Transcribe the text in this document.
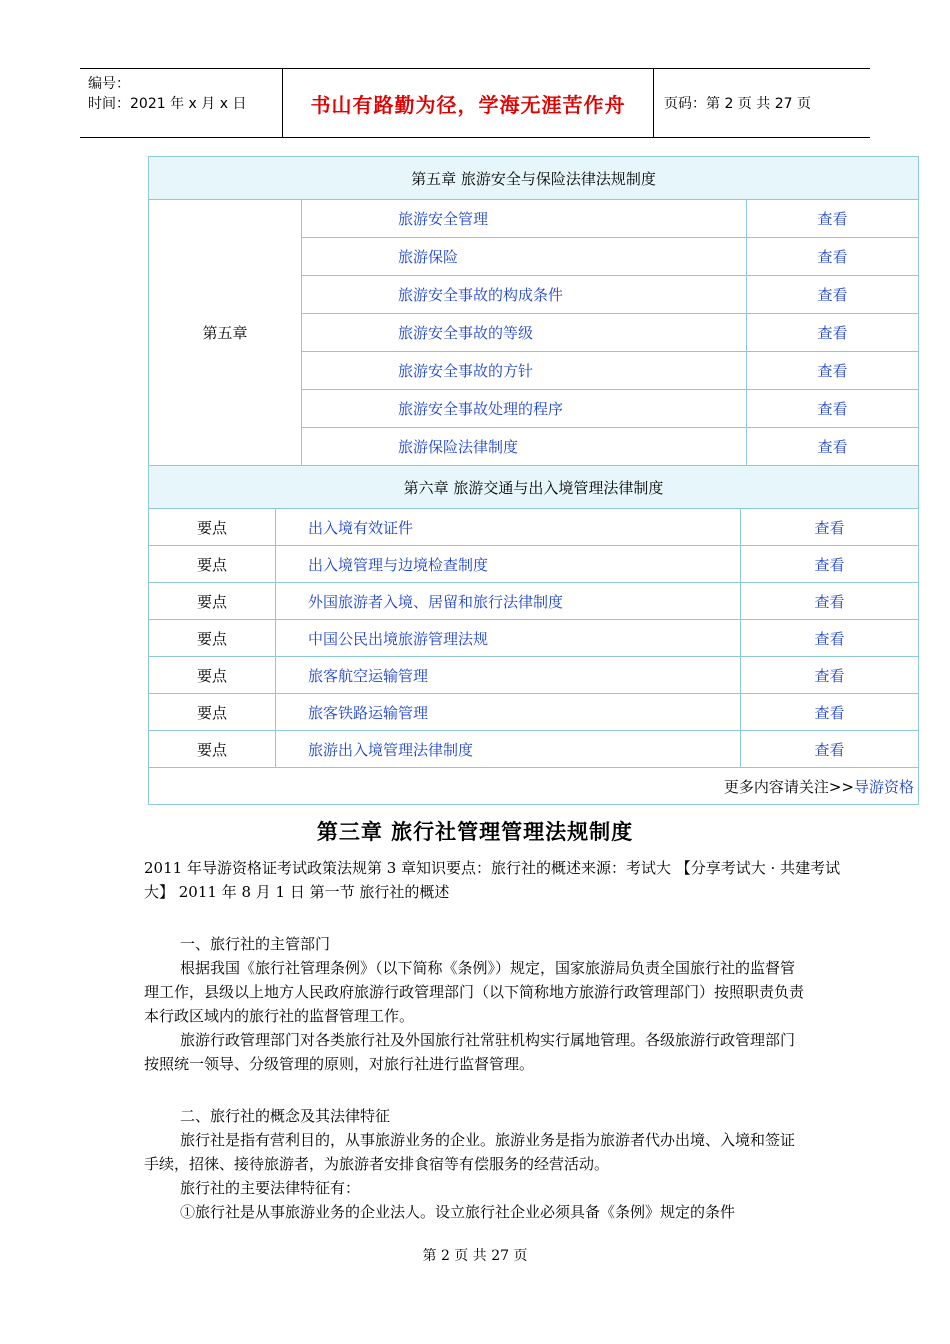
编号：
时间：2021 年 x 月 x 日	书山有路勤为径，学海无涯苦作舟	页码：第 2 页 共 27 页
第五章 旅游安全与保险法律法规制度
第五章	旅游安全管理	查看
旅游保险	查看
旅游安全事故的构成条件	查看
旅游安全事故的等级	查看
旅游安全事故的方针	查看
旅游安全事故处理的程序	查看
旅游保险法律制度	查看

第六章 旅游交通与出入境管理法律制度
要点	出入境有效证件	查看
要点	出入境管理与边境检查制度	查看
要点	外国旅游者入境、居留和旅行法律制度	查看
要点	中国公民出境旅游管理法规	查看
要点	旅客航空运输管理	查看
要点	旅客铁路运输管理	查看
要点	旅游出入境管理法律制度	查看
更多内容请关注>>导游资格
第三章 旅行社管理管理法规制度
2011 年导游资格证考试政策法规第 3 章知识要点：旅行社的概述来源：考试大 【分享考试大 · 共建考试
大】 2011 年 8 月 1 日 第一节 旅行社的概述
一、旅行社的主管部门
根据我国《旅行社管理条例》（以下简称《条例》）规定，国家旅游局负责全国旅行社的监督管理工作，县级以上地方人民政府旅游行政管理部门（以下简称地方旅游行政管理部门）按照职责负责本行政区域内的旅行社的监督管理工作。
旅游行政管理部门对各类旅行社及外国旅行社常驻机构实行属地管理。各级旅游行政管理部门按照统一领导、分级管理的原则，对旅行社进行监督管理。
二、旅行社的概念及其法律特征
旅行社是指有营利目的，从事旅游业务的企业。旅游业务是指为旅游者代办出境、入境和签证手续，招徕、接待旅游者，为旅游者安排食宿等有偿服务的经营活动。
旅行社的主要法律特征有：
①旅行社是从事旅游业务的企业法人。设立旅行社企业必须具备《条例》规定的条件
第 2 页 共 27 页
